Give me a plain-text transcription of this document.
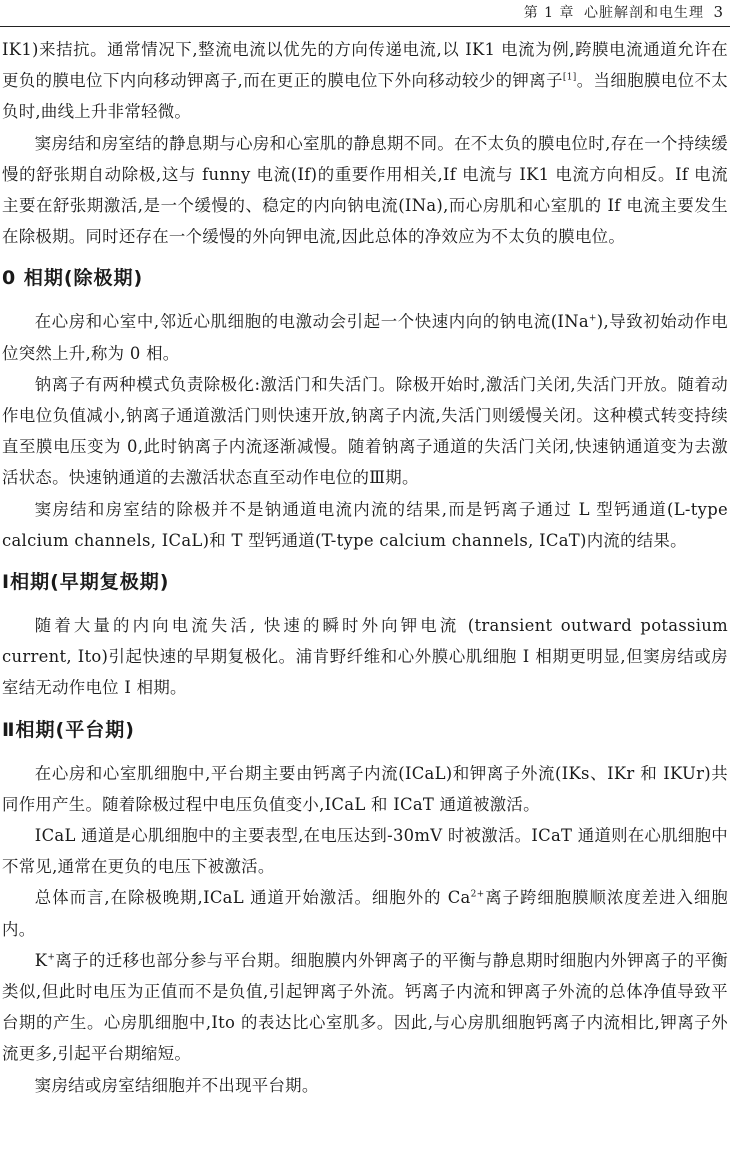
第 1 章 心脏解剖和电生理 3

IK1)来拮抗。通常情况下,整流电流以优先的方向传递电流,以 IK1 电流为例,跨膜电流通道允许在更负的膜电位下内向移动钾离子,而在更正的膜电位下外向移动较少的钾离子[1]。当细胞膜电位不太负时,曲线上升非常轻微。

窦房结和房室结的静息期与心房和心室肌的静息期不同。在不太负的膜电位时,存在一个持续缓慢的舒张期自动除极,这与 funny 电流(If)的重要作用相关,If 电流与 IK1 电流方向相反。If 电流主要在舒张期激活,是一个缓慢的、稳定的内向钠电流(INa),而心房肌和心室肌的 If 电流主要发生在除极期。同时还存在一个缓慢的外向钾电流,因此总体的净效应为不太负的膜电位。

0 相期(除极期)

在心房和心室中,邻近心肌细胞的电激动会引起一个快速内向的钠电流(INa+),导致初始动作电位突然上升,称为 0 相。

钠离子有两种模式负责除极化:激活门和失活门。除极开始时,激活门关闭,失活门开放。随着动作电位负值减小,钠离子通道激活门则快速开放,钠离子内流,失活门则缓慢关闭。这种模式转变持续直至膜电压变为 0,此时钠离子内流逐渐减慢。随着钠离子通道的失活门关闭,快速钠通道变为去激活状态。快速钠通道的去激活状态直至动作电位的Ⅲ期。

窦房结和房室结的除极并不是钠通道电流内流的结果,而是钙离子通过 L 型钙通道(L-type calcium channels, ICaL)和 T 型钙通道(T-type calcium channels, ICaT)内流的结果。

Ⅰ相期(早期复极期)

随着大量的内向电流失活, 快速的瞬时外向钾电流 (transient outward potassium current, Ito)引起快速的早期复极化。浦肯野纤维和心外膜心肌细胞 I 相期更明显,但窦房结或房室结无动作电位 I 相期。

Ⅱ相期(平台期)

在心房和心室肌细胞中,平台期主要由钙离子内流(ICaL)和钾离子外流(IKs、IKr 和 IKUr)共同作用产生。随着除极过程中电压负值变小,ICaL 和 ICaT 通道被激活。

ICaL 通道是心肌细胞中的主要表型,在电压达到-30mV 时被激活。ICaT 通道则在心肌细胞中不常见,通常在更负的电压下被激活。

总体而言,在除极晚期,ICaL 通道开始激活。细胞外的 $Ca^{2+}$离子跨细胞膜顺浓度差进入细胞内。

K+离子的迁移也部分参与平台期。细胞膜内外钾离子的平衡与静息期时细胞内外钾离子的平衡类似,但此时电压为正值而不是负值,引起钾离子外流。钙离子内流和钾离子外流的总体净值导致平台期的产生。心房肌细胞中,Ito 的表达比心室肌多。因此,与心房肌细胞钙离子内流相比,钾离子外流更多,引起平台期缩短。

窦房结或房室结细胞并不出现平台期。
